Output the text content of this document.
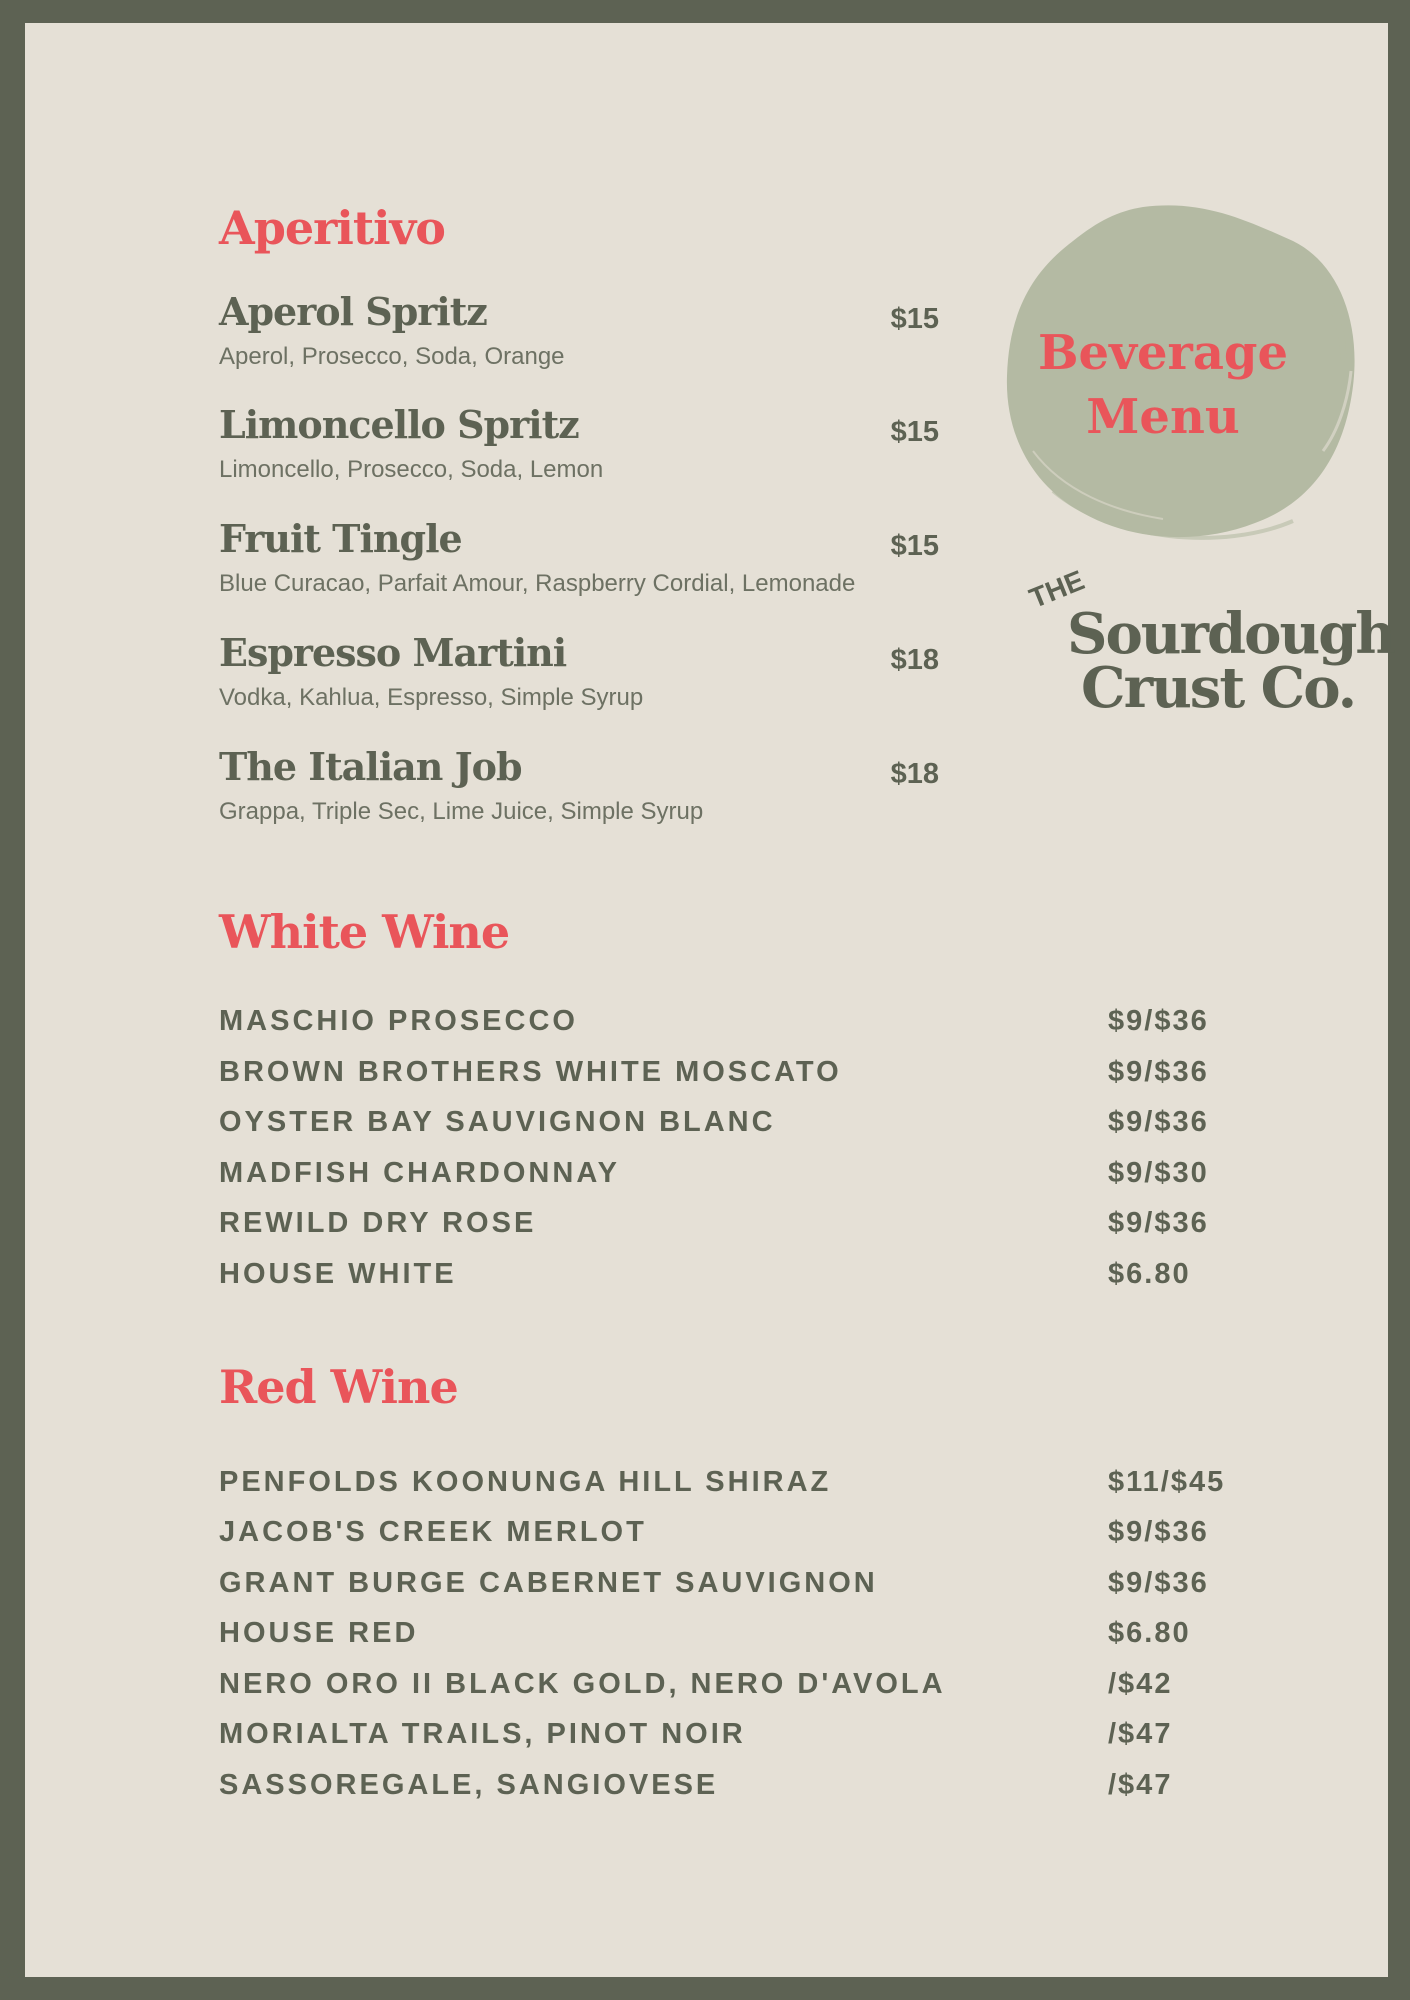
Aperitivo
Aperol Spritz	$15
Aperol, Prosecco, Soda, Orange
Limoncello Spritz	$15
Limoncello, Prosecco, Soda, Lemon
Fruit Tingle	$15
Blue Curacao, Parfait Amour, Raspberry Cordial, Lemonade
Espresso Martini	$18
Vodka, Kahlua, Espresso, Simple Syrup
The Italian Job	$18
Grappa, Triple Sec, Lime Juice, Simple Syrup
White Wine
MASCHIO PROSECCO	$9/$36
BROWN BROTHERS WHITE MOSCATO	$9/$36
OYSTER BAY SAUVIGNON BLANC	$9/$36
MADFISH CHARDONNAY	$9/$30
REWILD DRY ROSE	$9/$36
HOUSE WHITE	$6.80
Red Wine
PENFOLDS KOONUNGA HILL SHIRAZ	$11/$45
JACOB'S CREEK MERLOT	$9/$36
GRANT BURGE CABERNET SAUVIGNON	$9/$36
HOUSE RED	$6.80
NERO ORO II BLACK GOLD, NERO D'AVOLA	/$42
MORIALTA TRAILS, PINOT NOIR	/$47
SASSOREGALE, SANGIOVESE	/$47
Beverage
Menu
THE
Sourdough
Crust Co.
